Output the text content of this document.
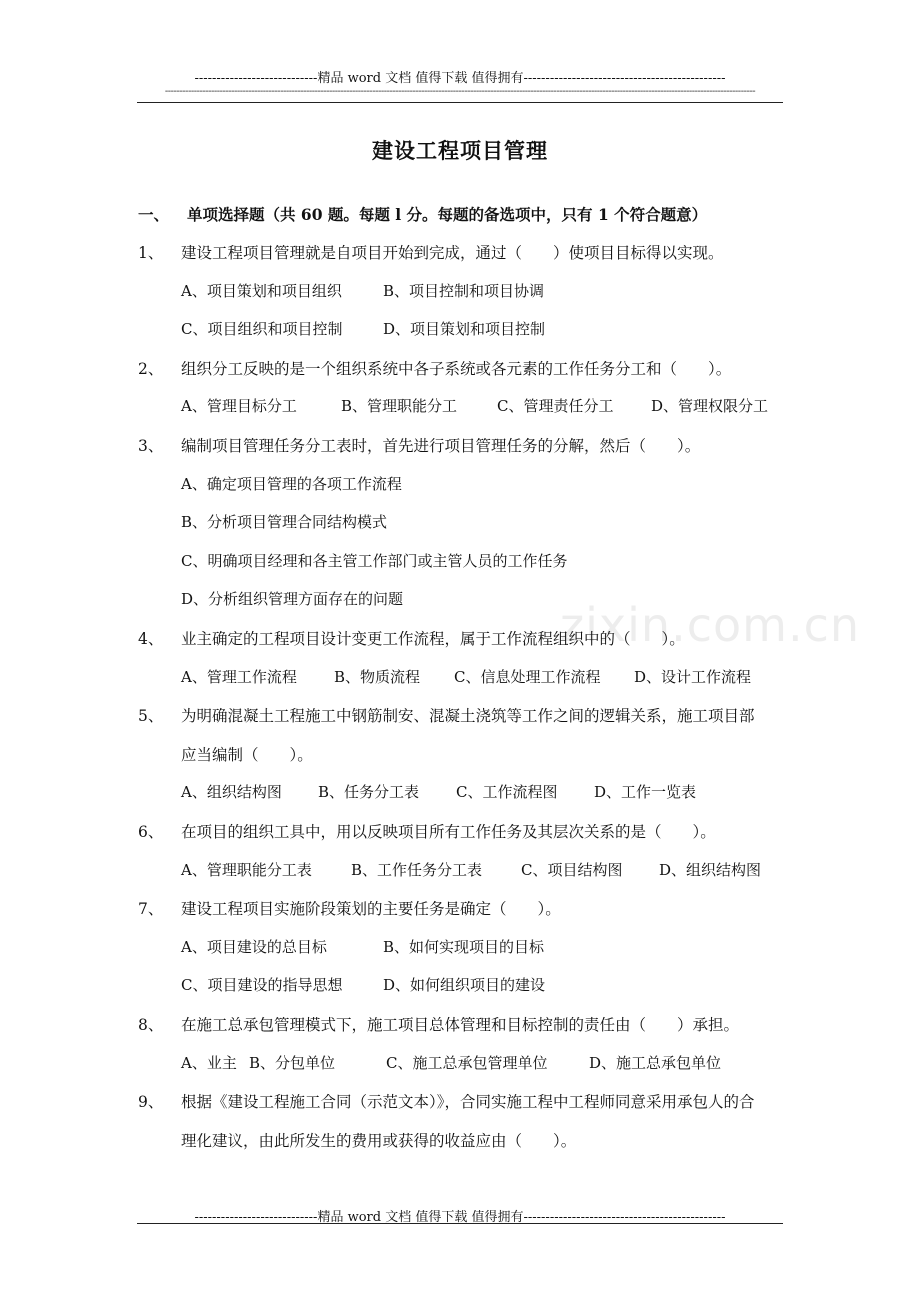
zixin.com.cn
----------------------------精品 word 文档 值得下载 值得拥有----------------------------------------------
-------------------------------------------------------------------------------------------------------------------------------------------------------------------------------------------------------------
建设工程项目管理
一、 单项选择题（共 60 题。每题 l 分。每题的备选项中，只有 1 个符合题意）
1、 建设工程项目管理就是自项目开始到完成，通过（　　）使项目目标得以实现。
A、项目策划和项目组织	B、项目控制和项目协调
C、项目组织和项目控制	D、项目策划和项目控制
2、 组织分工反映的是一个组织系统中各子系统或各元素的工作任务分工和（　　）。
A、管理目标分工	B、管理职能分工	C、管理责任分工	D、管理权限分工
3、 编制项目管理任务分工表时，首先进行项目管理任务的分解，然后（　　）。
A、确定项目管理的各项工作流程
B、分析项目管理合同结构模式
C、明确项目经理和各主管工作部门或主管人员的工作任务
D、分析组织管理方面存在的问题
4、 业主确定的工程项目设计变更工作流程，属于工作流程组织中的（　　）。
A、管理工作流程 B、物质流程 C、信息处理工作流程 D、设计工作流程
5、 为明确混凝土工程施工中钢筋制安、混凝土浇筑等工作之间的逻辑关系，施工项目部
应当编制（　　）。
A、组织结构图 B、任务分工表 C、工作流程图 D、工作一览表
6、 在项目的组织工具中，用以反映项目所有工作任务及其层次关系的是（　　）。
A、管理职能分工表	B、工作任务分工表	C、项目结构图 D、组织结构图
7、 建设工程项目实施阶段策划的主要任务是确定（　　）。
A、项目建设的总目标	B、如何实现项目的目标
C、项目建设的指导思想	D、如何组织项目的建设
8、 在施工总承包管理模式下，施工项目总体管理和目标控制的责任由（　　）承担。
A、业主 B、分包单位	C、施工总承包管理单位	D、施工总承包单位
9、 根据《建设工程施工合同（示范文本）》，合同实施工程中工程师同意采用承包人的合
理化建议，由此所发生的费用或获得的收益应由（　　）。
----------------------------精品 word 文档 值得下载 值得拥有----------------------------------------------
